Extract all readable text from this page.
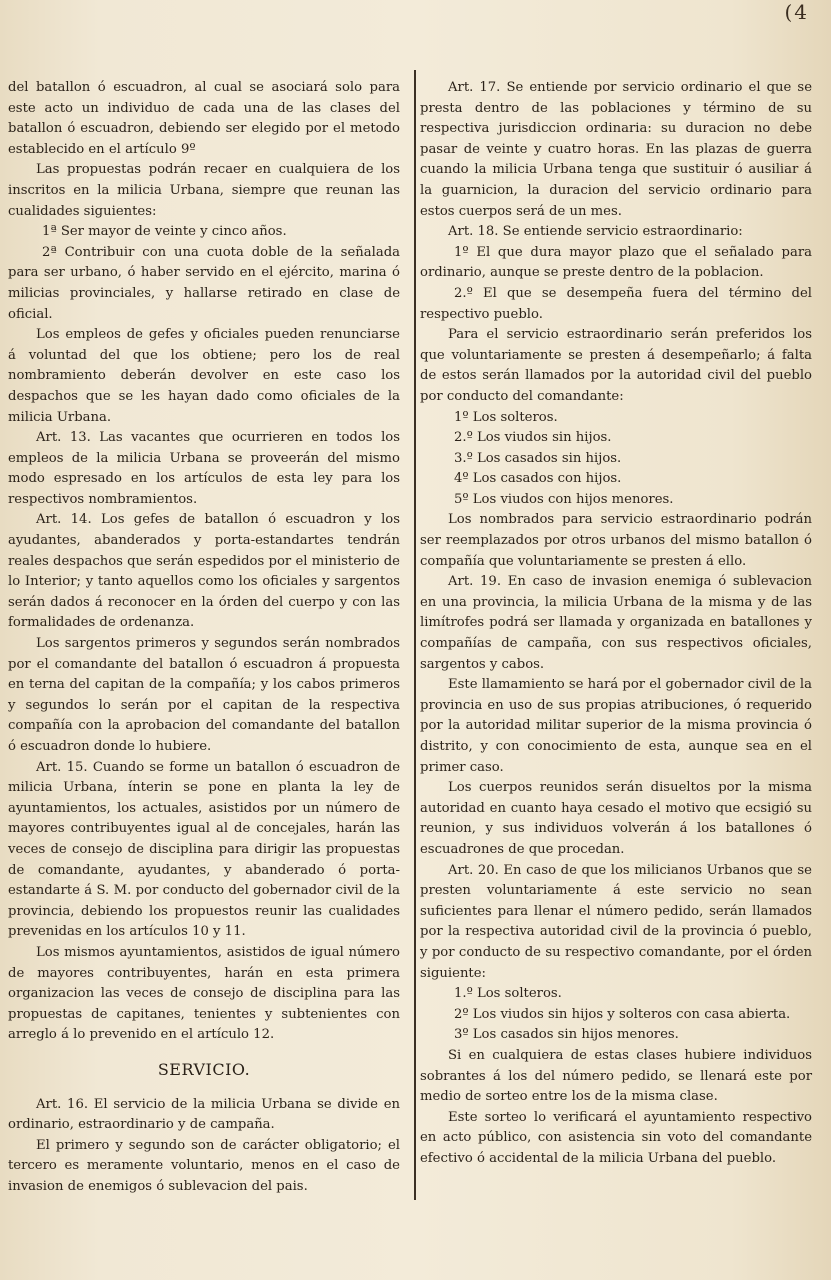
(4

del batallon ó escuadron, al cual se asociará solo para este acto un individuo de cada una de las clases del batallon ó escuadron, debiendo ser elegido por el metodo establecido en el artículo 9º

Las propuestas podrán recaer en cualquiera de los inscritos en la milicia Urbana, siempre que reunan las cualidades siguientes:

1ª Ser mayor de veinte y cinco años.

2ª Contribuir con una cuota doble de la señalada para ser urbano, ó haber servido en el ejército, marina ó milicias provinciales, y hallarse retirado en clase de oficial.

Los empleos de gefes y oficiales pueden renunciarse á voluntad del que los obtiene; pero los de real nombramiento deberán devolver en este caso los despachos que se les hayan dado como oficiales de la milicia Urbana.

Art. 13. Las vacantes que ocurrieren en todos los empleos de la milicia Urbana se proveerán del mismo modo espresado en los artículos de esta ley para los respectivos nombramientos.

Art. 14. Los gefes de batallon ó escuadron y los ayudantes, abanderados y porta-estandartes tendrán reales despachos que serán espedidos por el ministerio de lo Interior; y tanto aquellos como los oficiales y sargentos serán dados á reconocer en la órden del cuerpo y con las formalidades de ordenanza.

Los sargentos primeros y segundos serán nombrados por el comandante del batallon ó escuadron á propuesta en terna del capitan de la compañía; y los cabos primeros y segundos lo serán por el capitan de la respectiva compañía con la aprobacion del comandante del batallon ó escuadron donde lo hubiere.

Art. 15. Cuando se forme un batallon ó escuadron de milicia Urbana, ínterin se pone en planta la ley de ayuntamientos, los actuales, asistidos por un número de mayores contribuyentes igual al de concejales, harán las veces de consejo de disciplina para dirigir las propuestas de comandante, ayudantes, y abanderado ó porta-estandarte á S. M. por conducto del gobernador civil de la provincia, debiendo los propuestos reunir las cualidades prevenidas en los artículos 10 y 11.

Los mismos ayuntamientos, asistidos de igual número de mayores contribuyentes, harán en esta primera organizacion las veces de consejo de disciplina para las propuestas de capitanes, tenientes y subtenientes con arreglo á lo prevenido en el artículo 12.

SERVICIO.

Art. 16. El servicio de la milicia Urbana se divide en ordinario, estraordinario y de campaña.

El primero y segundo son de carácter obligatorio; el tercero es meramente voluntario, menos en el caso de invasion de enemigos ó sublevacion del pais.

Art. 17. Se entiende por servicio ordinario el que se presta dentro de las poblaciones y término de su respectiva jurisdiccion ordinaria: su duracion no debe pasar de veinte y cuatro horas. En las plazas de guerra cuando la milicia Urbana tenga que sustituir ó ausiliar á la guarnicion, la duracion del servicio ordinario para estos cuerpos será de un mes.

Art. 18. Se entiende servicio estraordinario:

1º El que dura mayor plazo que el señalado para ordinario, aunque se preste dentro de la poblacion.

2.º El que se desempeña fuera del término del respectivo pueblo.

Para el servicio estraordinario serán preferidos los que voluntariamente se presten á desempeñarlo; á falta de estos serán llamados por la autoridad civil del pueblo por conducto del comandante:

1º Los solteros.

2.º Los viudos sin hijos.

3.º Los casados sin hijos.

4º Los casados con hijos.

5º Los viudos con hijos menores.

Los nombrados para servicio estraordinario podrán ser reemplazados por otros urbanos del mismo batallon ó compañía que voluntariamente se presten á ello.

Art. 19. En caso de invasion enemiga ó sublevacion en una provincia, la milicia Urbana de la misma y de las limítrofes podrá ser llamada y organizada en batallones y compañías de campaña, con sus respectivos oficiales, sargentos y cabos.

Este llamamiento se hará por el gobernador civil de la provincia en uso de sus propias atribuciones, ó requerido por la autoridad militar superior de la misma provincia ó distrito, y con conocimiento de esta, aunque sea en el primer caso.

Los cuerpos reunidos serán disueltos por la misma autoridad en cuanto haya cesado el motivo que ecsigió su reunion, y sus individuos volverán á los batallones ó escuadrones de que procedan.

Art. 20. En caso de que los milicianos Urbanos que se presten voluntariamente á este servicio no sean suficientes para llenar el número pedido, serán llamados por la respectiva autoridad civil de la provincia ó pueblo, y por conducto de su respectivo comandante, por el órden siguiente:

1.º Los solteros.

2º Los viudos sin hijos y solteros con casa abierta.

3º Los casados sin hijos menores.

Si en cualquiera de estas clases hubiere individuos sobrantes á los del número pedido, se llenará este por medio de sorteo entre los de la misma clase.

Este sorteo lo verificará el ayuntamiento respectivo en acto público, con asistencia sin voto del comandante efectivo ó accidental de la milicia Urbana del pueblo.
